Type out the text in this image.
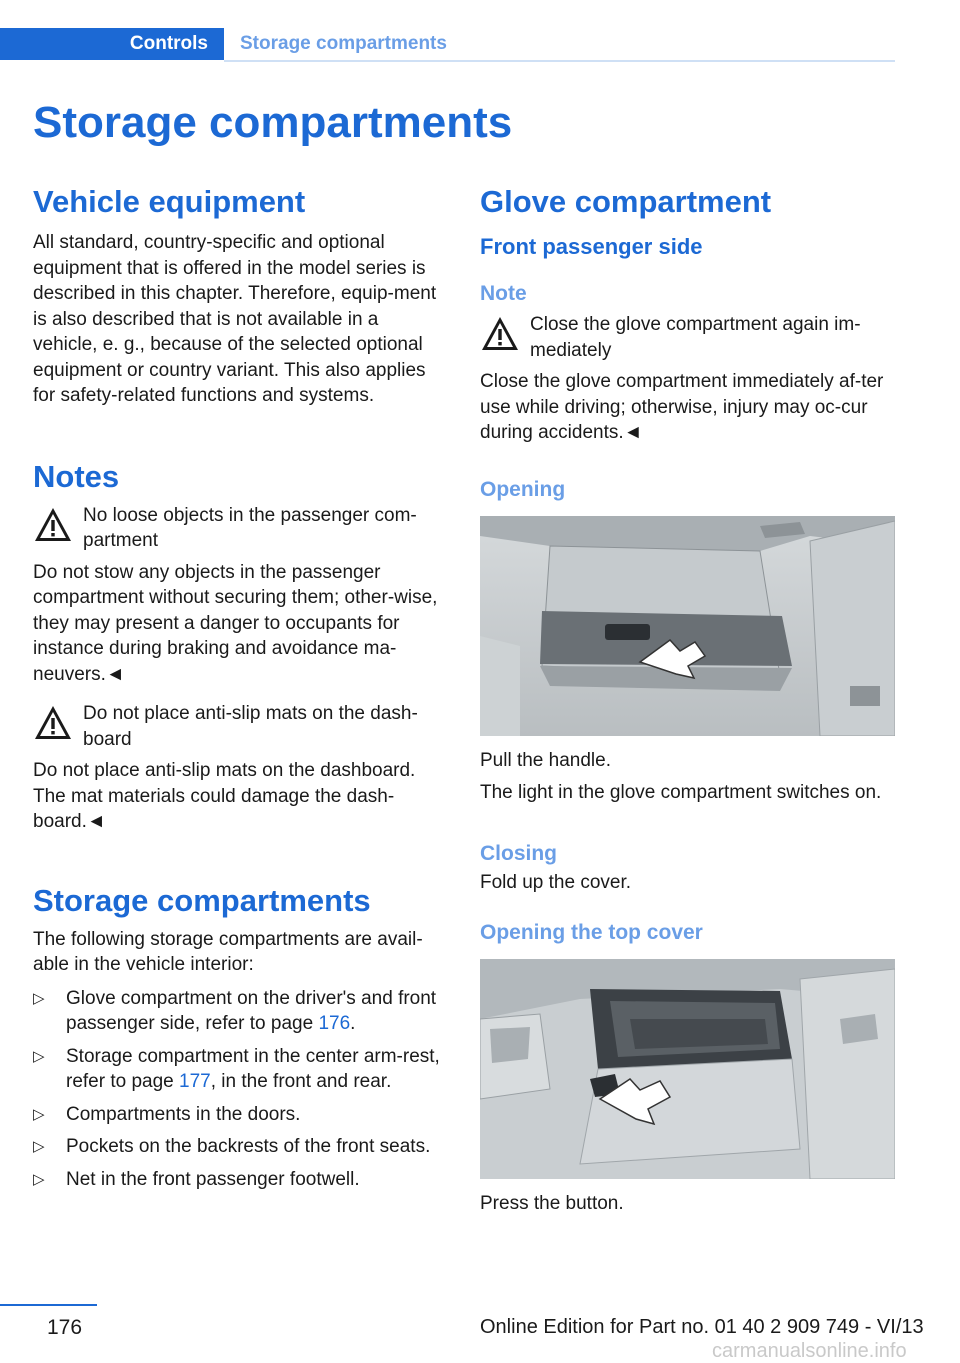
Controls	Storage compartments
Storage compartments
Vehicle equipment

All standard, country-specific and optional equipment that is offered in the model series is described in this chapter. Therefore, equip-ment is also described that is not available in a vehicle, e. g., because of the selected optional equipment or country variant. This also applies for safety-related functions and systems.

Notes
No loose objects in the passenger com-partment

Do not stow any objects in the passenger compartment without securing them; other-wise, they may present a danger to occupants for instance during braking and avoidance ma-neuvers.◄

Do not place anti-slip mats on the dash-board

Do not place anti-slip mats on the dashboard. The mat materials could damage the dash-board.◄

Storage compartments

The following storage compartments are avail-able in the vehicle interior:

▷	Glove compartment on the driver's and front passenger side, refer to page 176.
▷	Storage compartment in the center arm-rest, refer to page 177, in the front and rear.
▷	Compartments in the doors.
▷	Pockets on the backrests of the front seats.
▷	Net in the front passenger footwell.
Glove compartment
Front passenger side
Note
Close the glove compartment again im-mediately

Close the glove compartment immediately af-ter use while driving; otherwise, injury may oc-cur during accidents.◄

Opening

Pull the handle.

The light in the glove compartment switches on.

Closing

Fold up the cover.

Opening the top cover

Press the button.

176	Online Edition for Part no. 01 40 2 909 749 - VI/13
carmanualsonline.info
